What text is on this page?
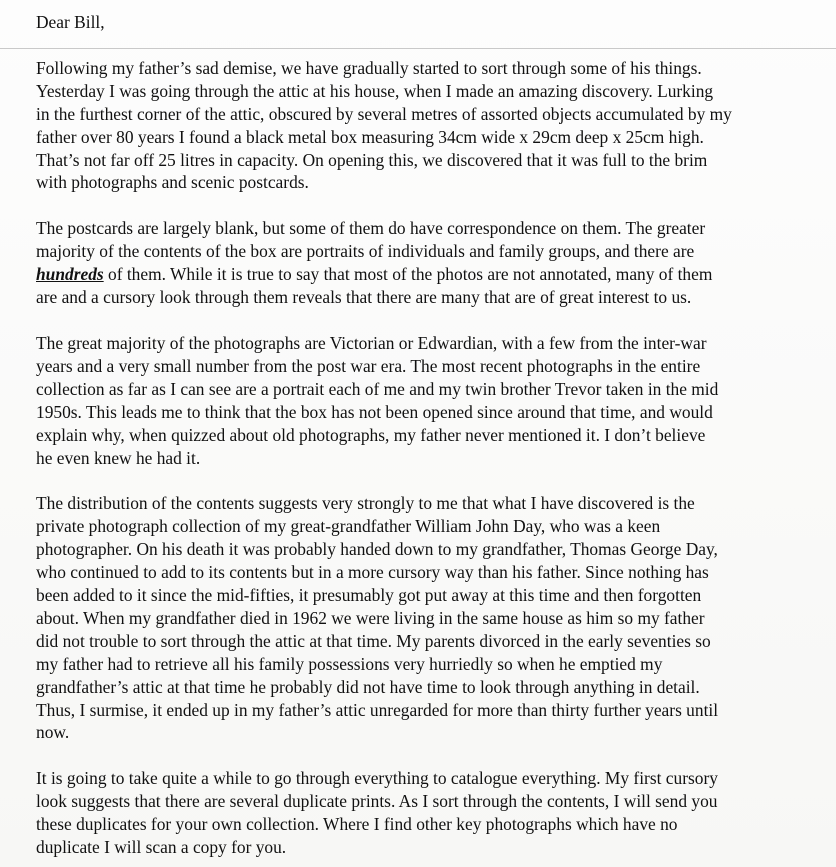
Dear Bill,
Following my father’s sad demise, we have gradually started to sort through some of his things.
Yesterday I was going through the attic at his house, when I made an amazing discovery. Lurking
in the furthest corner of the attic, obscured by several metres of assorted objects accumulated by my
father over 80 years I found a black metal box measuring 34cm wide x 29cm deep x 25cm high.
That’s not far off 25 litres in capacity. On opening this, we discovered that it was full to the brim
with photographs and scenic postcards.
The postcards are largely blank, but some of them do have correspondence on them. The greater
majority of the contents of the box are portraits of individuals and family groups, and there are
hundreds of them. While it is true to say that most of the photos are not annotated, many of them
are and a cursory look through them reveals that there are many that are of great interest to us.
The great majority of the photographs are Victorian or Edwardian, with a few from the inter-war
years and a very small number from the post war era. The most recent photographs in the entire
collection as far as I can see are a portrait each of me and my twin brother Trevor taken in the mid
1950s. This leads me to think that the box has not been opened since around that time, and would
explain why, when quizzed about old photographs, my father never mentioned it. I don’t believe
he even knew he had it.
The distribution of the contents suggests very strongly to me that what I have discovered is the
private photograph collection of my great-grandfather William John Day, who was a keen
photographer. On his death it was probably handed down to my grandfather, Thomas George Day,
who continued to add to its contents but in a more cursory way than his father. Since nothing has
been added to it since the mid-fifties, it presumably got put away at this time and then forgotten
about. When my grandfather died in 1962 we were living in the same house as him so my father
did not trouble to sort through the attic at that time. My parents divorced in the early seventies so
my father had to retrieve all his family possessions very hurriedly so when he emptied my
grandfather’s attic at that time he probably did not have time to look through anything in detail.
Thus, I surmise, it ended up in my father’s attic unregarded for more than thirty further years until
now.
It is going to take quite a while to go through everything to catalogue everything. My first cursory
look suggests that there are several duplicate prints. As I sort through the contents, I will send you
these duplicates for your own collection. Where I find other key photographs which have no
duplicate I will scan a copy for you.
